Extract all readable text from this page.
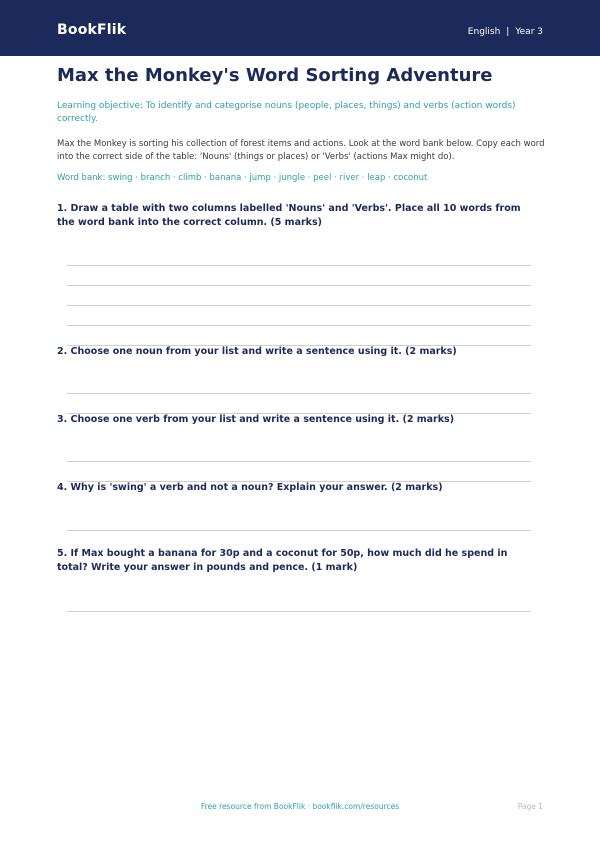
BookFlik	English | Year 3
Max the Monkey's Word Sorting Adventure
Learning objective: To identify and categorise nouns (people, places, things) and verbs (action words) correctly.
Max the Monkey is sorting his collection of forest items and actions. Look at the word bank below. Copy each word into the correct side of the table: 'Nouns' (things or places) or 'Verbs' (actions Max might do).
Word bank: swing · branch · climb · banana · jump · jungle · peel · river · leap · coconut
1. Draw a table with two columns labelled 'Nouns' and 'Verbs'. Place all 10 words from the word bank into the correct column. (5 marks)
2. Choose one noun from your list and write a sentence using it. (2 marks)
3. Choose one verb from your list and write a sentence using it. (2 marks)
4. Why is 'swing' a verb and not a noun? Explain your answer. (2 marks)
5. If Max bought a banana for 30p and a coconut for 50p, how much did he spend in total? Write your answer in pounds and pence. (1 mark)
Free resource from BookFlik · bookflik.com/resources	Page 1
